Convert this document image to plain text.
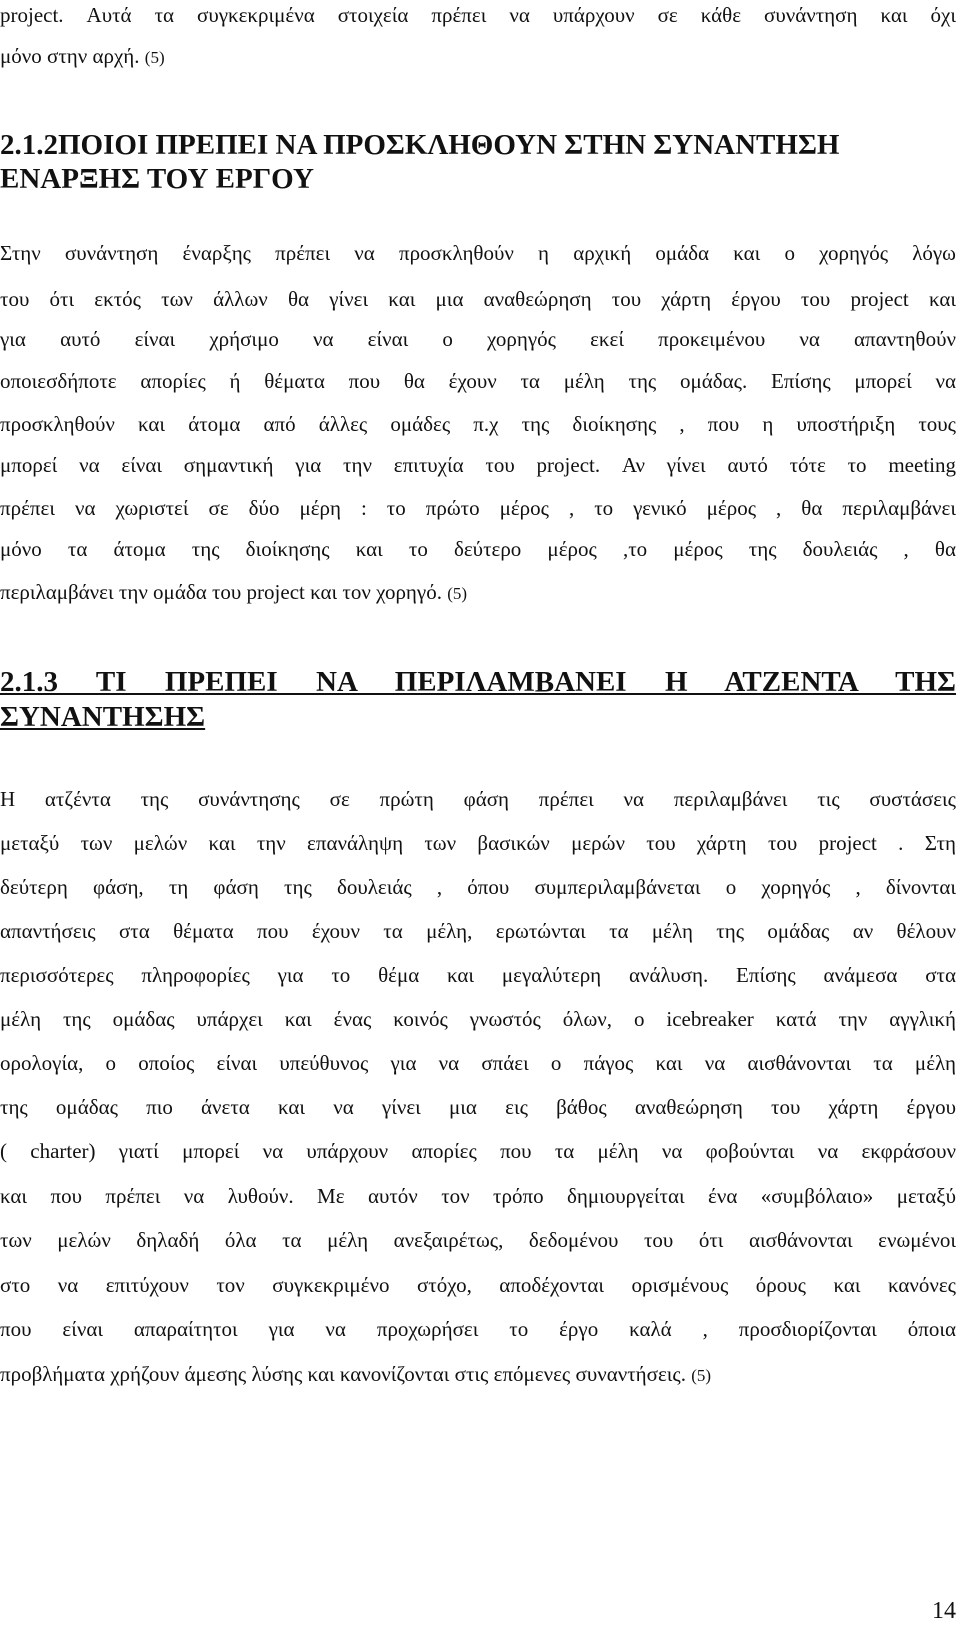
project. Αυτά τα συγκεκριμένα στοιχεία πρέπει να υπάρχουν σε κάθε συνάντηση και όχι

μόνο στην αρχή. (5)

2.1.2ΠΟΙΟΙ ΠΡΕΠΕΙ ΝΑ ΠΡΟΣΚΛΗΘΟΥΝ ΣΤΗΝ ΣΥΝΑΝΤΗΣΗ
ΕΝΑΡΞΗΣ ΤΟΥ ΕΡΓΟΥ

Στην συνάντηση έναρξης πρέπει να προσκληθούν η αρχική ομάδα και ο χορηγός λόγω

του ότι εκτός των άλλων θα γίνει και μια αναθεώρηση του χάρτη έργου του project και

για αυτό είναι χρήσιμο να είναι ο χορηγός εκεί προκειμένου να απαντηθούν

οποιεσδήποτε απορίες ή θέματα που θα έχουν τα μέλη της ομάδας. Επίσης μπορεί να

προσκληθούν και άτομα από άλλες ομάδες π.χ της διοίκησης , που η υποστήριξη τους

μπορεί να είναι σημαντική για την επιτυχία του project. Αν γίνει αυτό τότε το meeting

πρέπει να χωριστεί σε δύο μέρη : το πρώτο μέρος , το γενικό μέρος , θα περιλαμβάνει

μόνο τα άτομα της διοίκησης και το δεύτερο μέρος ,το μέρος της δουλειάς , θα

περιλαμβάνει την ομάδα του project και τον χορηγό. (5)

2.1.3 ΤΙ ΠΡΕΠΕΙ ΝΑ ΠΕΡΙΛΑΜΒΑΝΕΙ Η ΑΤΖΕΝΤΑ ΤΗΣ
ΣΥΝΑΝΤΗΣΗΣ

Η ατζέντα της συνάντησης σε πρώτη φάση πρέπει να περιλαμβάνει τις συστάσεις

μεταξύ των μελών και την επανάληψη των βασικών μερών του χάρτη του project . Στη

δεύτερη φάση, τη φάση της δουλειάς , όπου συμπεριλαμβάνεται ο χορηγός , δίνονται

απαντήσεις στα θέματα που έχουν τα μέλη, ερωτώνται τα μέλη της ομάδας αν θέλουν

περισσότερες πληροφορίες για το θέμα και μεγαλύτερη ανάλυση. Επίσης ανάμεσα στα

μέλη της ομάδας υπάρχει και ένας κοινός γνωστός όλων, ο icebreaker κατά την αγγλική

ορολογία, ο οποίος είναι υπεύθυνος για να σπάει ο πάγος και να αισθάνονται τα μέλη

της ομάδας πιο άνετα και να γίνει μια εις βάθος αναθεώρηση του χάρτη έργου

( charter) γιατί μπορεί να υπάρχουν απορίες που τα μέλη να φοβούνται να εκφράσουν

και που πρέπει να λυθούν. Με αυτόν τον τρόπο δημιουργείται ένα «συμβόλαιο» μεταξύ

των μελών δηλαδή όλα τα μέλη ανεξαιρέτως, δεδομένου του ότι αισθάνονται ενωμένοι

στο να επιτύχουν τον συγκεκριμένο στόχο, αποδέχονται ορισμένους όρους και κανόνες

που είναι απαραίτητοι για να προχωρήσει το έργο καλά , προσδιορίζονται όποια

προβλήματα χρήζουν άμεσης λύσης και κανονίζονται στις επόμενες συναντήσεις. (5)

14
